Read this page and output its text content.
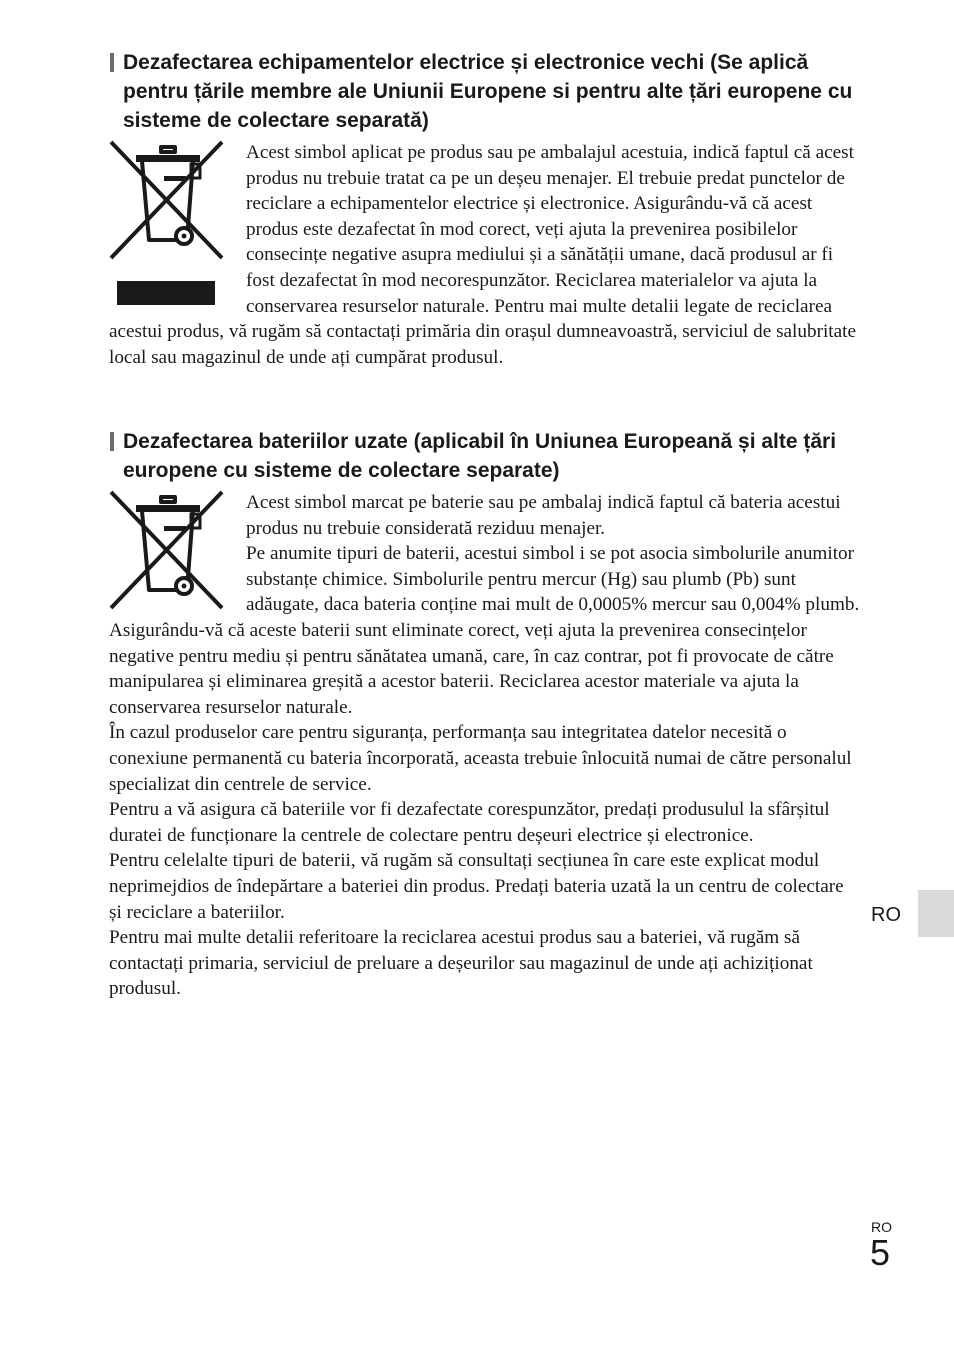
Dezafectarea echipamentelor electrice și electronice vechi (Se aplică pentru țările membre ale Uniunii Europene si pentru alte țări europene cu sisteme de colectare separată)

Acest simbol aplicat pe produs sau pe ambalajul acestuia, indică faptul că acest produs nu trebuie tratat ca pe un deșeu menajer. El trebuie predat punctelor de reciclare a echipamentelor electrice și electronice. Asigurându-vă că acest produs este dezafectat în mod corect, veți ajuta la prevenirea posibilelor consecințe negative asupra mediului și a sănătății umane, dacă produsul ar fi fost dezafectat în mod necorespunzător. Reciclarea materialelor va ajuta la conservarea resurselor naturale. Pentru mai multe detalii legate de reciclarea acestui produs, vă rugăm să contactați primăria din orașul dumneavoastră, serviciul de salubritate local sau magazinul de unde ați cumpărat produsul.

Dezafectarea bateriilor uzate (aplicabil în Uniunea Europeană și alte țări europene cu sisteme de colectare separate)

Acest simbol marcat pe baterie sau pe ambalaj indică faptul că bateria acestui produs nu trebuie considerată reziduu menajer.

Pe anumite tipuri de baterii, acestui simbol i se pot asocia simbolurile anumitor substanțe chimice. Simbolurile pentru mercur (Hg) sau plumb (Pb) sunt adăugate, daca bateria conține mai mult de 0,0005% mercur sau 0,004% plumb. Asigurându-vă că aceste baterii sunt eliminate corect, veți ajuta la prevenirea consecințelor negative pentru mediu și pentru sănătatea umană, care, în caz contrar, pot fi provocate de către manipularea și eliminarea greșită a acestor baterii. Reciclarea acestor materiale va ajuta la conservarea resurselor naturale.

În cazul produselor care pentru siguranța, performanța sau integritatea datelor necesită o conexiune permanentă cu bateria încorporată, aceasta trebuie înlocuită numai de către personalul specializat din centrele de service.

Pentru a vă asigura că bateriile vor fi dezafectate corespunzător, predați produsulul la sfârșitul duratei de funcționare la centrele de colectare pentru deșeuri electrice și electronice.

Pentru celelalte tipuri de baterii, vă rugăm să consultați secțiunea în care este explicat modul neprimejdios de îndepărtare a bateriei din produs. Predați bateria uzată la un centru de colectare și reciclare a bateriilor.

Pentru mai multe detalii referitoare la reciclarea acestui produs sau a bateriei, vă rugăm să contactați primaria, serviciul de preluare a deșeurilor sau magazinul de unde ați achiziționat produsul.

RO
RO
5
